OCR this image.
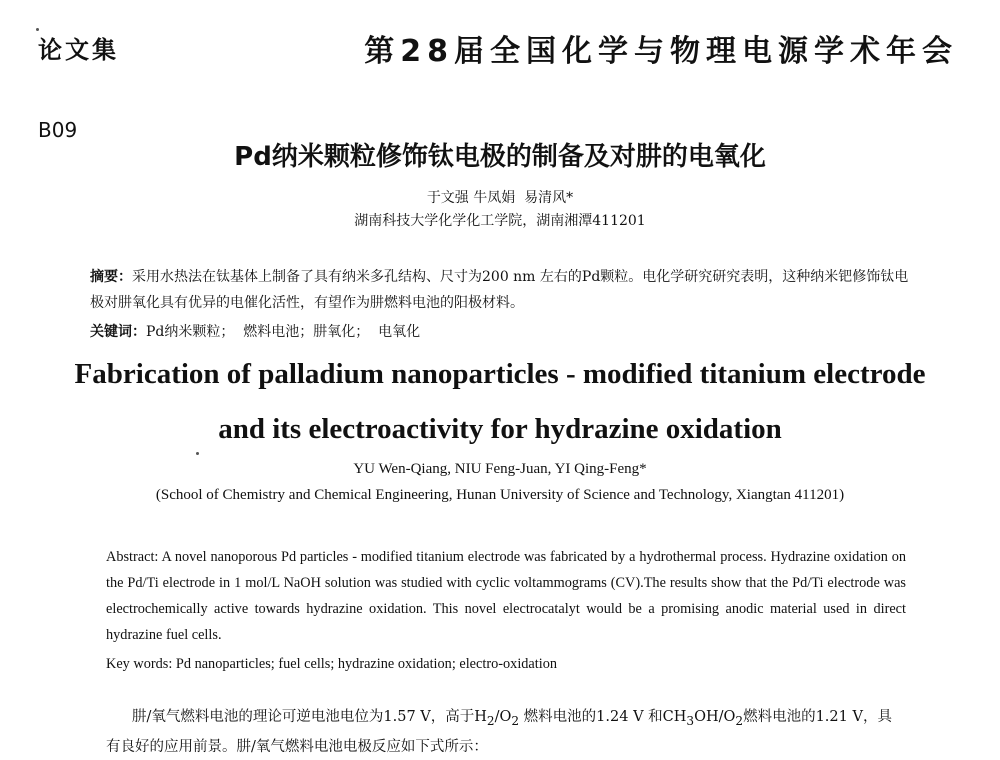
论文集	第28届全国化学与物理电源学术年会
B09
Pd纳米颗粒修饰钛电极的制备及对肼的电氧化
于文强 牛凤娟  易清风*
湖南科技大学化学化工学院，湖南湘潭411201
摘要：采用水热法在钛基体上制备了具有纳米多孔结构、尺寸为200 nm 左右的Pd颗粒。电化学研究研究表明，这种纳米钯修饰钛电极对肼氧化具有优异的电催化活性，有望作为肼燃料电池的阳极材料。
关键词：Pd纳米颗粒；  燃料电池；肼氧化；  电氧化
Fabrication of palladium nanoparticles - modified titanium electrode
and its electroactivity for hydrazine oxidation
YU Wen-Qiang, NIU Feng-Juan, YI Qing-Feng*
(School of Chemistry and Chemical Engineering, Hunan University of Science and Technology, Xiangtan 411201)
Abstract: A novel nanoporous Pd particles - modified titanium electrode was fabricated by a hydrothermal process. Hydrazine oxidation on the Pd/Ti electrode in 1 mol/L NaOH solution was studied with cyclic voltammograms (CV).The results show that the Pd/Ti electrode was electrochemically active towards hydrazine oxidation. This novel electrocatalyt would be a promising anodic material used in direct hydrazine fuel cells.
Key words: Pd nanoparticles; fuel cells; hydrazine oxidation; electro-oxidation
肼/氧气燃料电池的理论可逆电池电位为1.57 V，高于$H_2/O_2$ 燃料电池的1.24 V 和$CH_3OH/O_2$燃料电池的1.21 V，具有良好的应用前景。肼/氧气燃料电池电极反应如下式所示：
